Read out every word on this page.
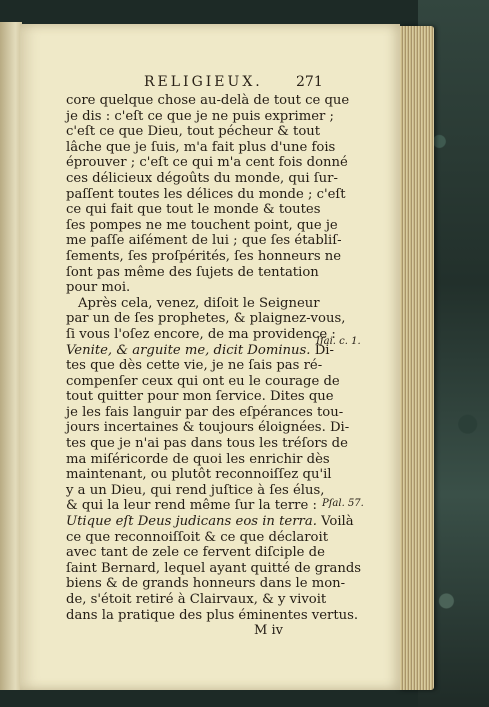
RELIGIEUX. 271
core quelque chose au-delà de tout ce que
je dis : c'eſt ce que je ne puis exprimer ;
c'eſt ce que Dieu, tout pécheur & tout
lâche que je ſuis, m'a fait plus d'une fois
éprouver ; c'eſt ce qui m'a cent fois donné
ces délicieux dégoûts du monde, qui ſur-
paſſent toutes les délices du monde ; c'eſt
ce qui fait que tout le monde & toutes
ſes pompes ne me touchent point, que je
me paſſe aiſément de lui ; que ſes établiſ-
ſements, ſes proſpérités, ſes honneurs ne
ſont pas même des ſujets de tentation
pour moi.
Après cela, venez, diſoit le Seigneur
par un de ſes prophetes, & plaignez-vous,
ſi vous l'oſez encore, de ma providence :
Venite, & arguite me, dicit Dominus. Di-
tes que dès cette vie, je ne ſais pas ré-
compenſer ceux qui ont eu le courage de
tout quitter pour mon ſervice. Dites que
je les fais languir par des eſpérances tou-
jours incertaines & toujours éloignées. Di-
tes que je n'ai pas dans tous les tréſors de
ma miſéricorde de quoi les enrichir dès
maintenant, ou plutôt reconnoiſſez qu'il
y a un Dieu, qui rend juſtice à ſes élus,
& qui la leur rend même ſur la terre :
Utique eſt Deus judicans eos in terra. Voilà
ce que reconnoiſſoit & ce que déclaroit
avec tant de zele ce fervent diſciple de
ſaint Bernard, lequel ayant quitté de grands
biens & de grands honneurs dans le mon-
de, s'étoit retiré à Clairvaux, & y vivoit
dans la pratique des plus éminentes vertus.
Iſai. c. 1.
Pſal. 57.
M iv
